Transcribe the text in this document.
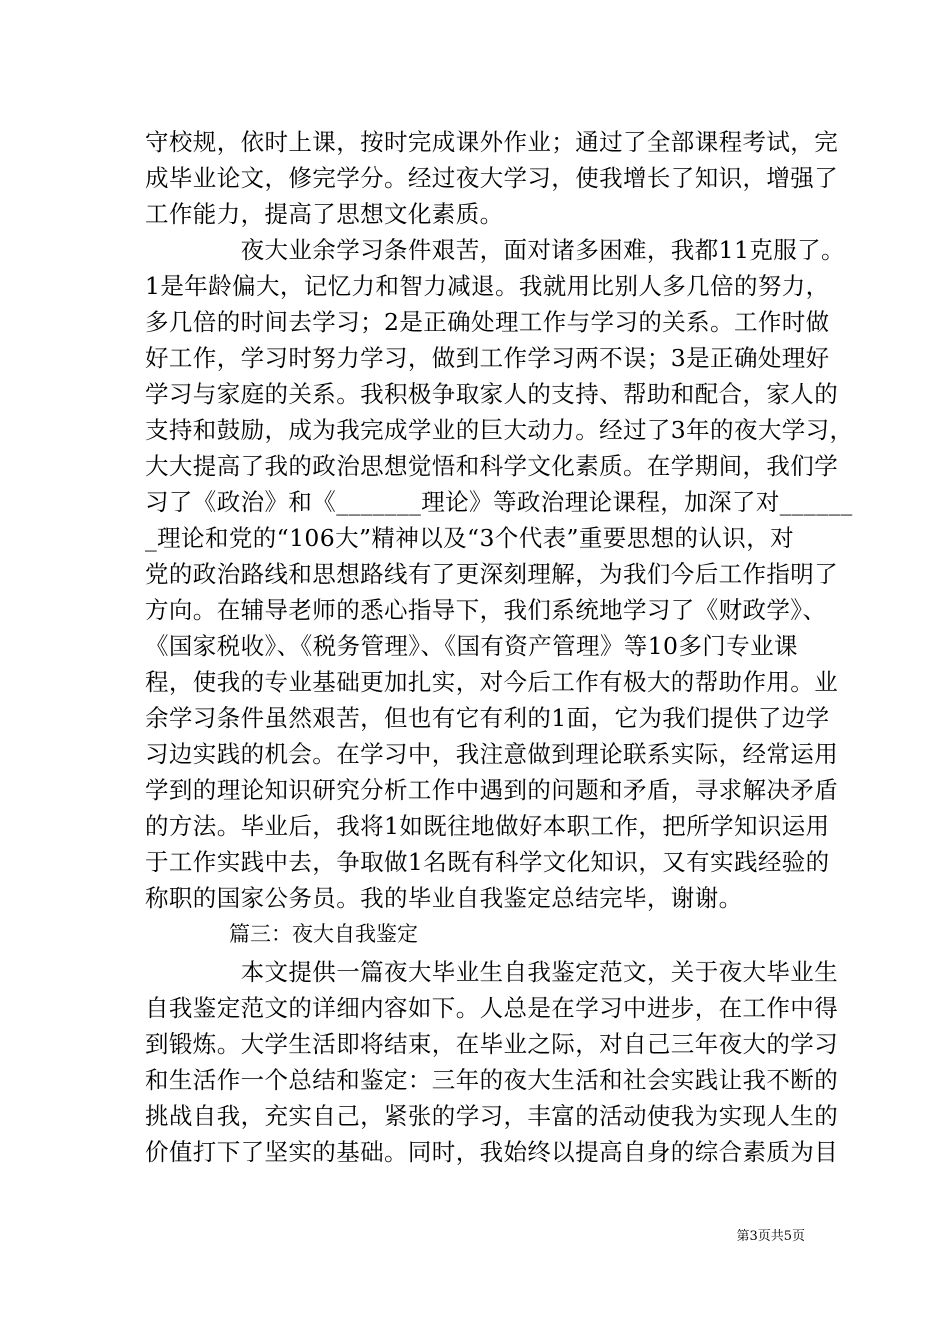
守校规，依时上课，按时完成课外作业；通过了全部课程考试，完
成毕业论文，修完学分。经过夜大学习，使我增长了知识，增强了
工作能力，提高了思想文化素质。
　　　　夜大业余学习条件艰苦，面对诸多困难，我都11克服了。
1是年龄偏大，记忆力和智力减退。我就用比别人多几倍的努力，
多几倍的时间去学习；2是正确处理工作与学习的关系。工作时做
好工作，学习时努力学习，做到工作学习两不误；3是正确处理好
学习与家庭的关系。我积极争取家人的支持、帮助和配合，家人的
支持和鼓励，成为我完成学业的巨大动力。经过了3年的夜大学习，
大大提高了我的政治思想觉悟和科学文化素质。在学期间，我们学
习了《政治》和《_______理论》等政治理论课程，加深了对______
_理论和党的“106大”精神以及“3个代表”重要思想的认识，对
党的政治路线和思想路线有了更深刻理解，为我们今后工作指明了
方向。在辅导老师的悉心指导下，我们系统地学习了《财政学》、
《国家税收》、《税务管理》、《国有资产管理》等10多门专业课
程，使我的专业基础更加扎实，对今后工作有极大的帮助作用。业
余学习条件虽然艰苦，但也有它有利的1面，它为我们提供了边学
习边实践的机会。在学习中，我注意做到理论联系实际，经常运用
学到的理论知识研究分析工作中遇到的问题和矛盾，寻求解决矛盾
的方法。毕业后，我将1如既往地做好本职工作，把所学知识运用
于工作实践中去，争取做1名既有科学文化知识，又有实践经验的
称职的国家公务员。我的毕业自我鉴定总结完毕，谢谢。
　　　　篇三：夜大自我鉴定
　　　　本文提供一篇夜大毕业生自我鉴定范文，关于夜大毕业生
自我鉴定范文的详细内容如下。人总是在学习中进步，在工作中得
到锻炼。大学生活即将结束，在毕业之际，对自己三年夜大的学习
和生活作一个总结和鉴定：三年的夜大生活和社会实践让我不断的
挑战自我，充实自己，紧张的学习，丰富的活动使我为实现人生的
价值打下了坚实的基础。同时，我始终以提高自身的综合素质为目
第3页共5页
